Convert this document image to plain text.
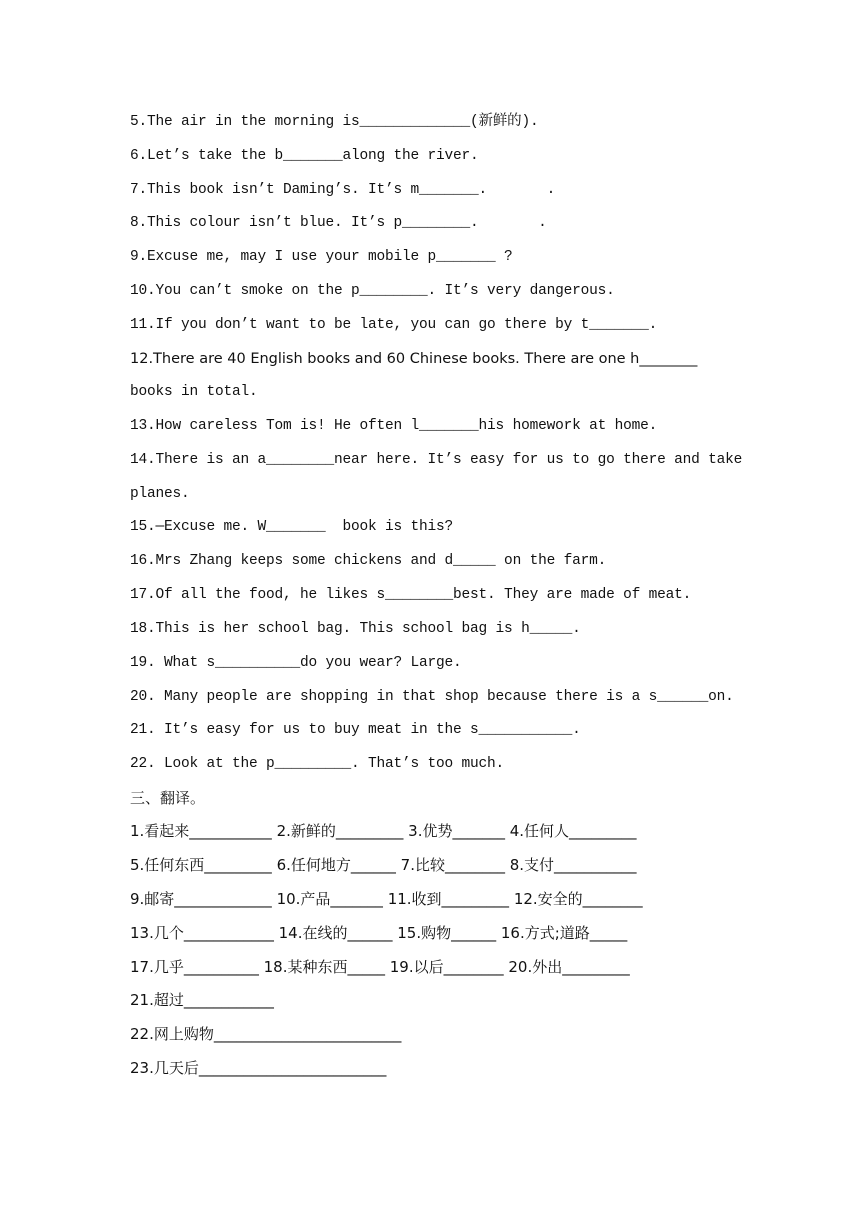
5.The air in the morning is_____________(新鲜的).

6.Let’s take the b_______along the river.

7.This book isn’t Daming’s. It’s m_______.       .

8.This colour isn’t blue. It’s p________.       .

9.Excuse me, may I use your mobile p_______ ?

10.You can’t smoke on the p________. It’s very dangerous.

11.If you don’t want to be late, you can go there by t_______.

12.There are 40 English books and 60 Chinese books. There are one h________

books in total.

13.How careless Tom is! He often l_______his homework at home.

14.There is an a________near here. It’s easy for us to go there and take

planes.

15.—Excuse me. W_______  book is this?

16.Mrs Zhang keeps some chickens and d_____ on the farm.

17.Of all the food, he likes s________best. They are made of meat.

18.This is her school bag. This school bag is h_____.

19. What s__________do you wear? Large.

20. Many people are shopping in that shop because there is a s______on.

21. It’s easy for us to buy meat in the s___________.

22. Look at the p_________. That’s too much.

三、翻译。

1.看起来___________ 2.新鲜的_________ 3.优势_______ 4.任何人_________

5.任何东西_________ 6.任何地方______ 7.比较________ 8.支付___________

9.邮寄_____________ 10.产品_______ 11.收到_________ 12.安全的________

13.几个____________ 14.在线的______ 15.购物______ 16.方式;道路_____

17.几乎__________ 18.某种东西_____ 19.以后________ 20.外出_________

21.超过____________

22.网上购物_________________________

23.几天后_________________________
